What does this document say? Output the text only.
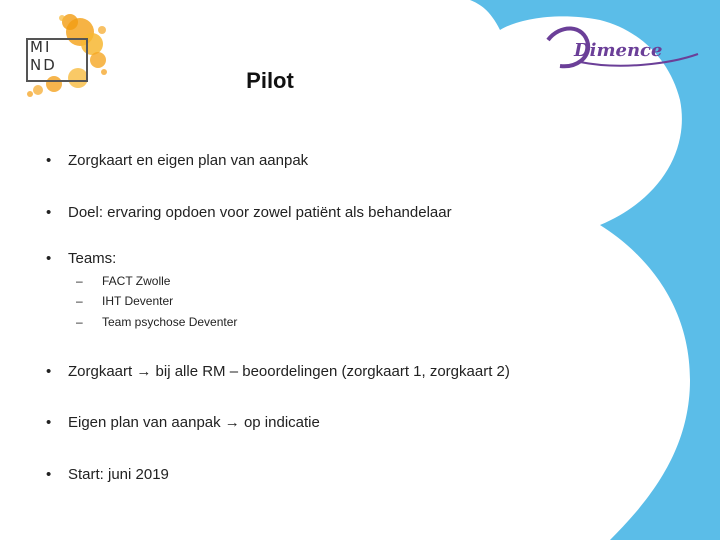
MI
ND
Dimence
Pilot
• Zorgkaart en eigen plan van aanpak
• Doel: ervaring opdoen voor zowel patiënt als behandelaar
• Teams:
– FACT Zwolle
– IHT Deventer
– Team psychose Deventer
• Zorgkaart → bij alle RM – beoordelingen (zorgkaart 1, zorgkaart 2)
• Eigen plan van aanpak → op indicatie
• Start: juni 2019
